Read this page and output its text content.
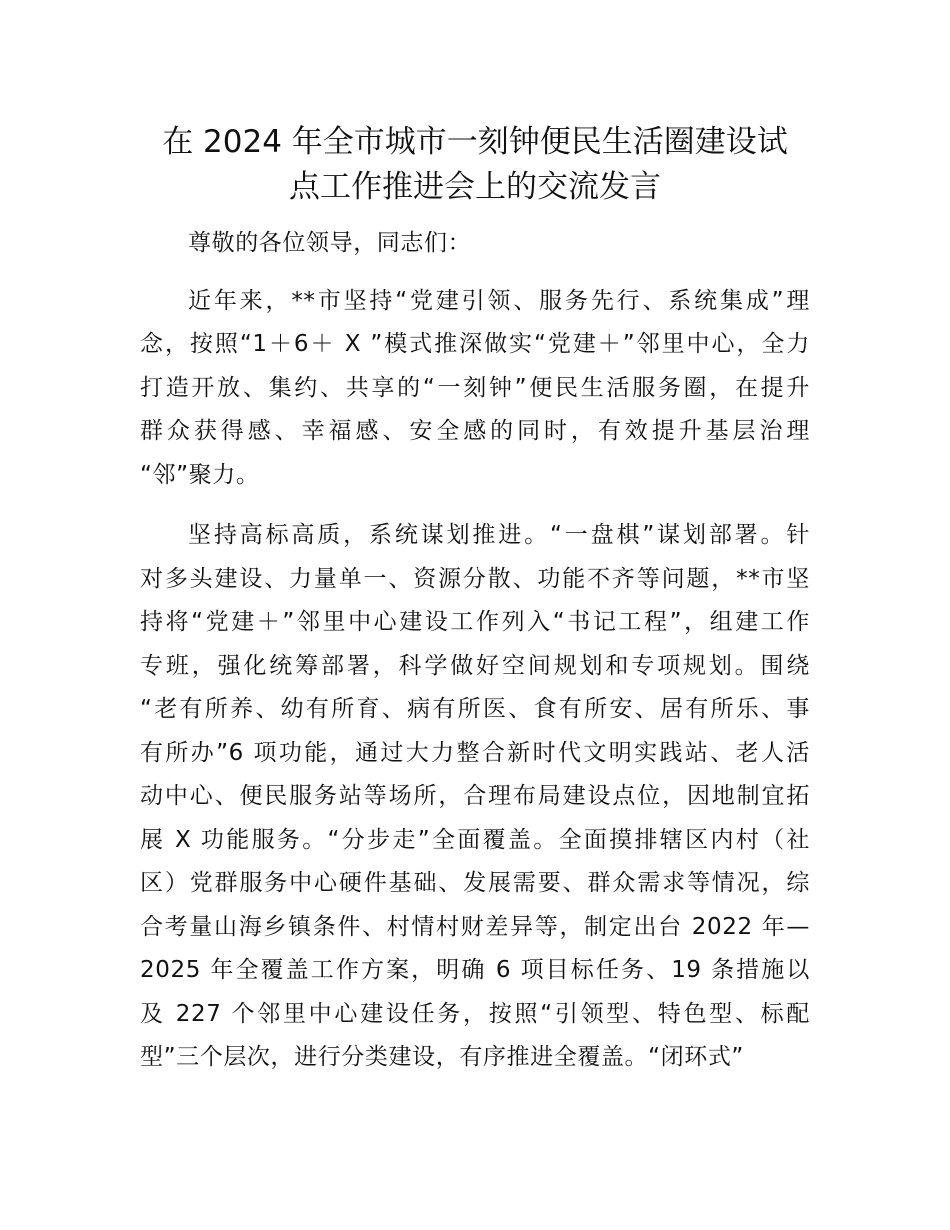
在 2024 年全市城市一刻钟便民生活圈建设试
点工作推进会上的交流发言

尊敬的各位领导，同志们：

近年来，**市坚持“党建引领、服务先行、系统集成”理
念，按照“1＋6＋ X ”模式推深做实“党建＋”邻里中心，全力
打造开放、集约、共享的“一刻钟”便民生活服务圈，在提升
群众获得感、幸福感、安全感的同时，有效提升基层治理
“邻”聚力。

坚持高标高质，系统谋划推进。“一盘棋”谋划部署。针
对多头建设、力量单一、资源分散、功能不齐等问题，**市坚
持将“党建＋”邻里中心建设工作列入“书记工程”，组建工作
专班，强化统筹部署，科学做好空间规划和专项规划。围绕
“老有所养、幼有所育、病有所医、食有所安、居有所乐、事
有所办”6 项功能，通过大力整合新时代文明实践站、老人活
动中心、便民服务站等场所，合理布局建设点位，因地制宜拓
展 X 功能服务。“分步走”全面覆盖。全面摸排辖区内村（社
区）党群服务中心硬件基础、发展需要、群众需求等情况，综
合考量山海乡镇条件、村情村财差异等，制定出台 2022 年—
2025 年全覆盖工作方案，明确 6 项目标任务、19 条措施以
及 227 个邻里中心建设任务，按照“引领型、特色型、标配
型”三个层次，进行分类建设，有序推进全覆盖。“闭环式”
